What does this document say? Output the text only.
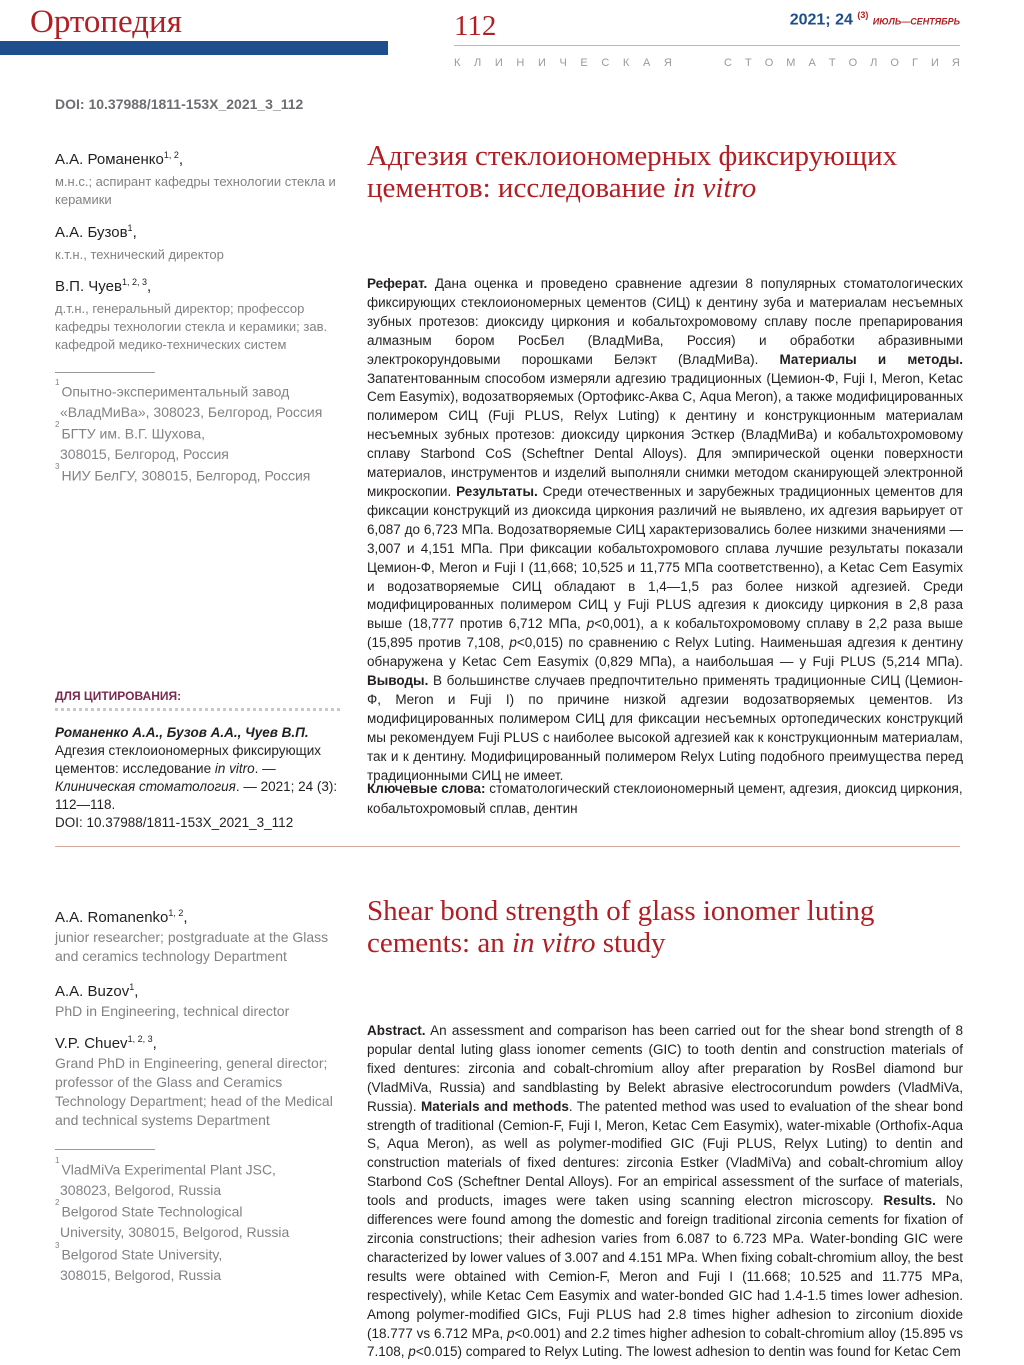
Ортопедия	112	2021; 24 $^{(3)}$ ИЮЛЬ—СЕНТЯБРЬ
К Л И Н И Ч Е С К А Я	С Т О М А Т О Л О Г И Я
DOI: 10.37988/1811-153X_2021_3_112
А.А. Романенко$^{1, 2}$,
м.н.с.; аспирант кафедры технологии стекла и керамики
А.А. Бузов$^1$,
к.т.н., технический директор
В.П. Чуев$^{1, 2, 3}$,
д.т.н., генеральный директор; профессор кафедры технологии стекла и керамики; зав. кафедрой медико-технических систем
$^1$Опытно-экспериментальный завод
«ВладМиВа», 308023, Белгород, Россия
$^2$БГТУ им. В.Г. Шухова,
308015, Белгород, Россия
$^3$НИУ БелГУ, 308015, Белгород, Россия
ДЛЯ ЦИТИРОВАНИЯ:
Романенко А.А., Бузов А.А., Чуев В.П. Адгезия стеклоиономерных фиксирующих цементов: исследование in vitro. — Клиническая стоматология. — 2021; 24 (3): 112—118.
DOI: 10.37988/1811-153X_2021_3_112
Адгезия стеклоиономерных фиксирующих цементов: исследование in vitro
Реферат. Дана оценка и проведено сравнение адгезии 8 популярных стоматологических фиксирующих стеклоиономерных цементов (СИЦ) к дентину зуба и материалам несъемных зубных протезов: диоксиду циркония и кобальтохромовому сплаву после препарирования алмазным бором РосБел (ВладМиВа, Россия) и обработки абразивными электрокорундовыми порошками Белэкт (ВладМиВа). Материалы и методы. Запатентованным способом измеряли адгезию традиционных (Цемион-Ф, Fuji I, Meron, Ketac Cem Easymix), водозатворяемых (Ортофикс-Аква С, Aqua Meron), а также модифицированных полимером СИЦ (Fuji PLUS, Relyx Luting) к дентину и конструкционным материалам несъемных зубных протезов: диоксиду циркония Эсткер (ВладМиВа) и кобальтохромовому сплаву Starbond CoS (Scheftner Dental Alloys). Для эмпирической оценки поверхности материалов, инструментов и изделий выполняли снимки методом сканирующей электронной микроскопии. Результаты. Среди отечественных и зарубежных традиционных цементов для фиксации конструкций из диоксида циркония различий не выявлено, их адгезия варьирует от 6,087 до 6,723 МПа. Водозатворяемые СИЦ характеризовались более низкими значениями — 3,007 и 4,151 МПа. При фиксации кобальтохромового сплава лучшие результаты показали Цемион-Ф, Meron и Fuji I (11,668; 10,525 и 11,775 МПа соответственно), а Ketac Cem Easymix и водозатворяемые СИЦ обладают в 1,4—1,5 раз более низкой адгезией. Среди модифицированных полимером СИЦ у Fuji PLUS адгезия к диоксиду циркония в 2,8 раза выше (18,777 против 6,712 МПа, p<0,001), а к кобальтохромовому сплаву в 2,2 раза выше (15,895 против 7,108, p<0,015) по сравнению с Relyx Luting. Наименьшая адгезия к дентину обнаружена у Ketac Cem Easymix (0,829 МПа), а наибольшая — у Fuji PLUS (5,214 МПа). Выводы. В большинстве случаев предпочтительно применять традиционные СИЦ (Цемион-Ф, Meron и Fuji I) по причине низкой адгезии водозатворяемых цементов. Из модифицированных полимером СИЦ для фиксации несъемных ортопедических конструкций мы рекомендуем Fuji PLUS с наиболее высокой адгезией как к конструкционным материалам, так и к дентину. Модифицированный полимером Relyx Luting подобного преимущества перед традиционными СИЦ не имеет.
Ключевые слова: стоматологический стеклоиономерный цемент, адгезия, диоксид циркония, кобальтохромовый сплав, дентин
A.A. Romanenko$^{1, 2}$,
junior researcher; postgraduate at the Glass and ceramics technology Department
A.A. Buzov$^1$,
PhD in Engineering, technical director
V.P. Chuev$^{1, 2, 3}$,
Grand PhD in Engineering, general director; professor of the Glass and Ceramics Technology Department; head of the Medical and technical systems Department
$^1$VladMiVa Experimental Plant JSC,
308023, Belgorod, Russia
$^2$Belgorod State Technological
University, 308015, Belgorod, Russia
$^3$Belgorod State University,
308015, Belgorod, Russia
Shear bond strength of glass ionomer luting cements: an in vitro study
Abstract. An assessment and comparison has been carried out for the shear bond strength of 8 popular dental luting glass ionomer cements (GIC) to tooth dentin and construction materials of fixed dentures: zirconia and cobalt-chromium alloy after preparation by RosBel diamond bur (VladMiVa, Russia) and sandblasting by Belekt abrasive electrocorundum powders (VladMiVa, Russia). Materials and methods. The patented method was used to evaluation of the shear bond strength of traditional (Cemion-F, Fuji I, Meron, Ketac Cem Easymix), water-mixable (Orthofix-Aqua S, Aqua Meron), as well as polymer-modified GIC (Fuji PLUS, Relyx Luting) to dentin and construction materials of fixed dentures: zirconia Estker (VladMiVa) and cobalt-chromium alloy Starbond CoS (Scheftner Dental Alloys). For an empirical assessment of the surface of materials, tools and products, images were taken using scanning electron microscopy. Results. No differences were found among the domestic and foreign traditional zirconia cements for fixation of zirconia constructions; their adhesion varies from 6.087 to 6.723 MPa. Water-bonding GIC were characterized by lower values of 3.007 and 4.151 MPa. When fixing cobalt-chromium alloy, the best results were obtained with Cemion-F, Meron and Fuji I (11.668; 10.525 and 11.775 MPa, respectively), while Ketac Cem Easymix and water-bonded GIC had 1.4-1.5 times lower adhesion. Among polymer-modified GICs, Fuji PLUS had 2.8 times higher adhesion to zirconium dioxide (18.777 vs 6.712 MPa, p<0.001) and 2.2 times higher adhesion to cobalt-chromium alloy (15.895 vs 7.108, p<0.015) compared to Relyx Luting. The lowest adhesion to dentin was found for Ketac Cem
